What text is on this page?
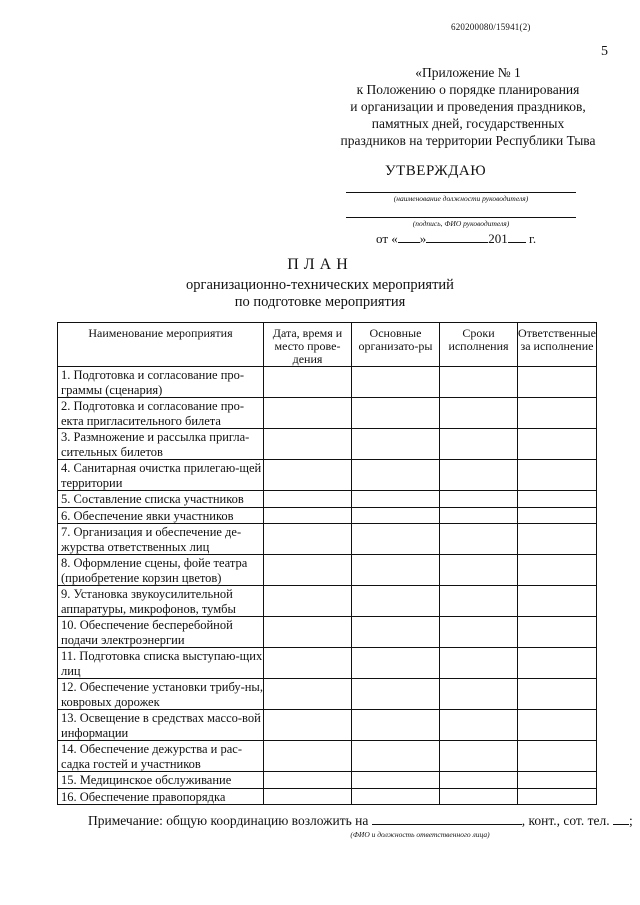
620200080/15941(2)
5
«Приложение № 1
к Положению о порядке планирования
и организации и проведения праздников,
памятных дней, государственных
праздников на территории Республики Тыва
УТВЕРЖДАЮ
(наименование должности руководителя)
(подпись, ФИО руководителя)
от « »	201 г.
ПЛАН
организационно-технических мероприятий
по подготовке мероприятия
Наименование мероприятия	Дата, время и место прове-дения	Основные организато-ры	Сроки исполнения	Ответственные за исполнение
1. Подготовка и согласование про-граммы (сценария)				
2. Подготовка и согласование про-екта пригласительного билета				
3. Размножение и рассылка пригла-сительных билетов				
4. Санитарная очистка прилегаю-щей территории				
5. Составление списка участников				
6. Обеспечение явки участников				
7. Организация и обеспечение де-журства ответственных лиц				
8. Оформление сцены, фойе театра (приобретение корзин цветов)				
9. Установка звукоусилительной аппаратуры, микрофонов, тумбы				
10. Обеспечение бесперебойной подачи электроэнергии				
11. Подготовка списка выступаю-щих лиц				
12. Обеспечение установки трибу-ны, ковровых дорожек				
13. Освещение в средствах массо-вой информации				
14. Обеспечение дежурства и рас-садка гостей и участников				
15. Медицинское обслуживание				
16. Обеспечение правопорядка				
Примечание: общую координацию возложить на	, конт., сот. тел. ;
(ФИО и должность ответственного лица)
